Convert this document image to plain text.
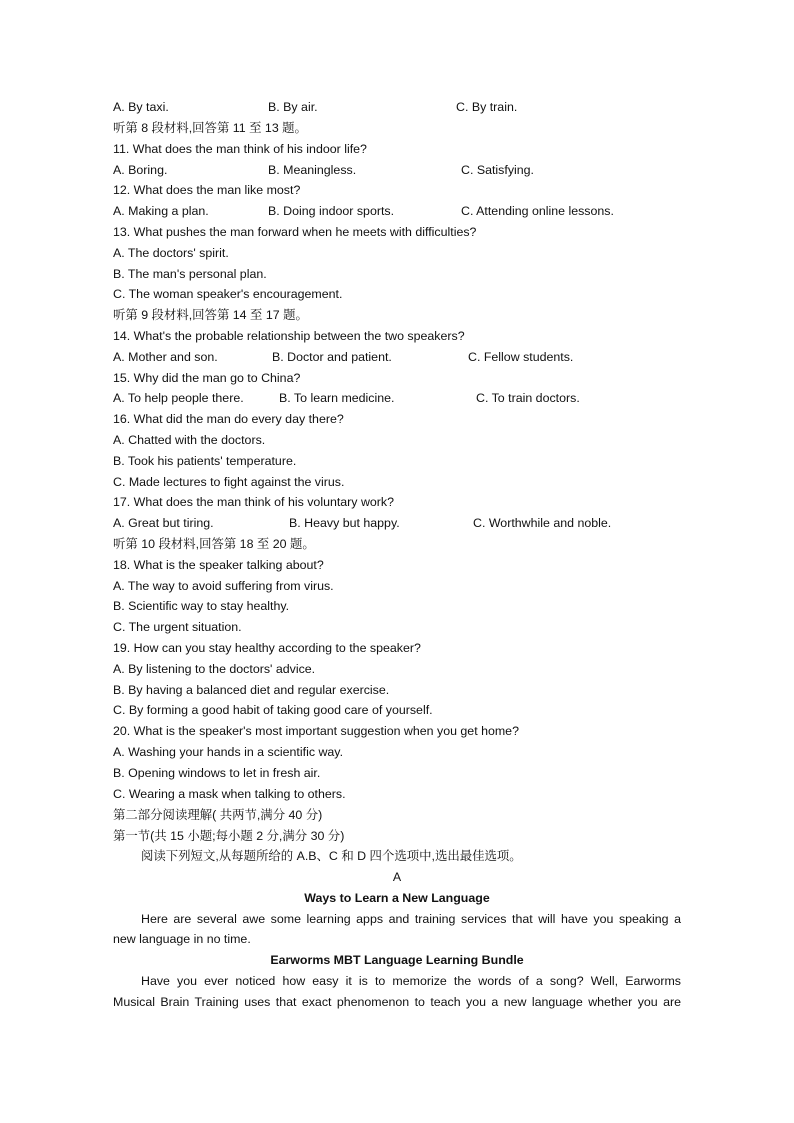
A. By taxi.	B. By air.	C. By train.
听第 8 段材料,回答第 11 至 13 题。
11. What does the man think of his indoor life?
A. Boring.	B. Meaningless.	C. Satisfying.
12. What does the man like most?
A. Making a plan.	B. Doing indoor sports.	C. Attending online lessons.
13. What pushes the man forward when he meets with difficulties?
A. The doctors' spirit.
B. The man's personal plan.
C. The woman speaker's encouragement.
听第 9 段材料,回答第 14 至 17 题。
14. What's the probable relationship between the two speakers?
A. Mother and son.	B. Doctor and patient.	C. Fellow students.
15. Why did the man go to China?
A. To help people there.	B. To learn medicine.	C. To train doctors.
16. What did the man do every day there?
A. Chatted with the doctors.
B. Took his patients' temperature.
C. Made lectures to fight against the virus.
17. What does the man think of his voluntary work?
A. Great but tiring.	B. Heavy but happy.	C. Worthwhile and noble.
听第 10 段材料,回答第 18 至 20 题。
18. What is the speaker talking about?
A. The way to avoid suffering from virus.
B. Scientific way to stay healthy.
C. The urgent situation.
19. How can you stay healthy according to the speaker?
A. By listening to the doctors' advice.
B. By having a balanced diet and regular exercise.
C. By forming a good habit of taking good care of yourself.
20. What is the speaker's most important suggestion when you get home?
A. Washing your hands in a scientific way.
B. Opening windows to let in fresh air.
C. Wearing a mask when talking to others.
第二部分阅读理解( 共两节,满分 40 分)
第一节(共 15 小题;每小题 2 分,满分 30 分)
阅读下列短文,从每题所给的 A.B、C 和 D 四个选项中,选出最佳选项。
A
Ways to Learn a New Language
Here are several awe some learning apps and training services that will have you speaking a
new language in no time.
Earworms MBT Language Learning Bundle
Have you ever noticed how easy it is to memorize the words of a song? Well, Earworms
Musical Brain Training uses that exact phenomenon to teach you a new language whether you are
